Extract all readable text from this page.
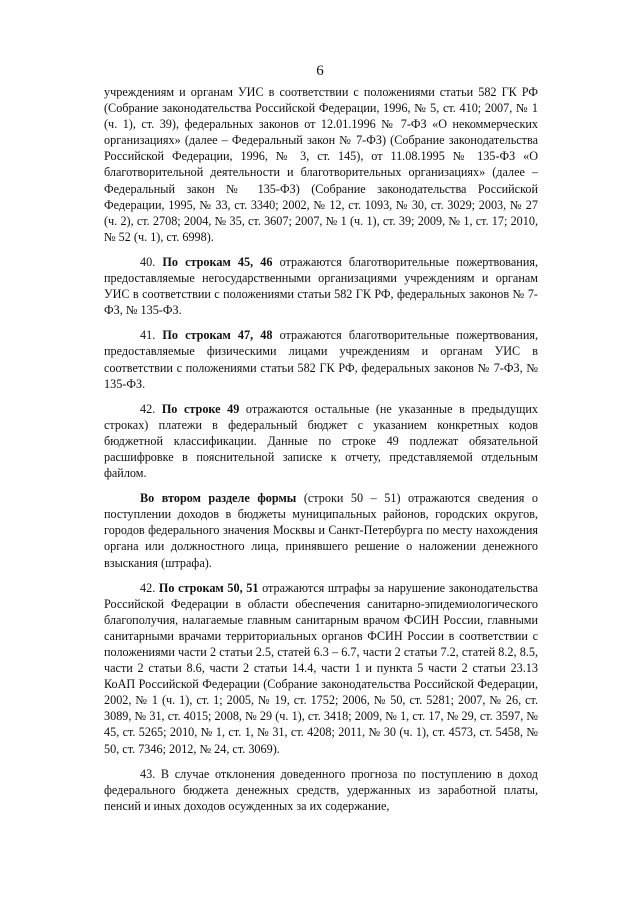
6

учреждениям и органам УИС в соответствии с положениями статьи 582 ГК РФ (Собрание законодательства Российской Федерации, 1996, № 5, ст. 410; 2007, № 1 (ч. 1), ст. 39), федеральных законов от 12.01.1996 № 7-ФЗ «О некоммерческих организациях» (далее – Федеральный закон № 7-ФЗ) (Собрание законодательства Российской Федерации, 1996, № 3, ст. 145), от 11.08.1995 № 135-ФЗ «О благотворительной деятельности и благотворительных организациях» (далее – Федеральный закон № 135-ФЗ) (Собрание законодательства Российской Федерации, 1995, № 33, ст. 3340; 2002, № 12, ст. 1093, № 30, ст. 3029; 2003, № 27 (ч. 2), ст. 2708; 2004, № 35, ст. 3607; 2007, № 1 (ч. 1), ст. 39; 2009, № 1, ст. 17; 2010, № 52 (ч. 1), ст. 6998).

40. По строкам 45, 46 отражаются благотворительные пожертвования, предоставляемые негосударственными организациями учреждениям и органам УИС в соответствии с положениями статьи 582 ГК РФ, федеральных законов № 7-ФЗ, № 135-ФЗ.

41. По строкам 47, 48 отражаются благотворительные пожертвования, предоставляемые физическими лицами учреждениям и органам УИС в соответствии с положениями статьи 582 ГК РФ, федеральных законов № 7-ФЗ, № 135-ФЗ.

42. По строке 49 отражаются остальные (не указанные в предыдущих строках) платежи в федеральный бюджет с указанием конкретных кодов бюджетной классификации. Данные по строке 49 подлежат обязательной расшифровке в пояснительной записке к отчету, представляемой отдельным файлом.

Во втором разделе формы (строки 50 – 51) отражаются сведения о поступлении доходов в бюджеты муниципальных районов, городских округов, городов федерального значения Москвы и Санкт-Петербурга по месту нахождения органа или должностного лица, принявшего решение о наложении денежного взыскания (штрафа).

42. По строкам 50, 51 отражаются штрафы за нарушение законодательства Российской Федерации в области обеспечения санитарно-эпидемиологического благополучия, налагаемые главным санитарным врачом ФСИН России, главными санитарными врачами территориальных органов ФСИН России в соответствии с положениями части 2 статьи 2.5, статей 6.3 – 6.7, части 2 статьи 7.2, статей 8.2, 8.5, части 2 статьи 8.6, части 2 статьи 14.4, части 1 и пункта 5 части 2 статьи 23.13 КоАП Российской Федерации (Собрание законодательства Российской Федерации, 2002, № 1 (ч. 1), ст. 1; 2005, № 19, ст. 1752; 2006, № 50, ст. 5281; 2007, № 26, ст. 3089, № 31, ст. 4015; 2008, № 29 (ч. 1), ст. 3418; 2009, № 1, ст. 17, № 29, ст. 3597, № 45, ст. 5265; 2010, № 1, ст. 1, № 31, ст. 4208; 2011, № 30 (ч. 1), ст. 4573, ст. 5458, № 50, ст. 7346; 2012, № 24, ст. 3069).

43. В случае отклонения доведенного прогноза по поступлению в доход федерального бюджета денежных средств, удержанных из заработной платы, пенсий и иных доходов осужденных за их содержание,
